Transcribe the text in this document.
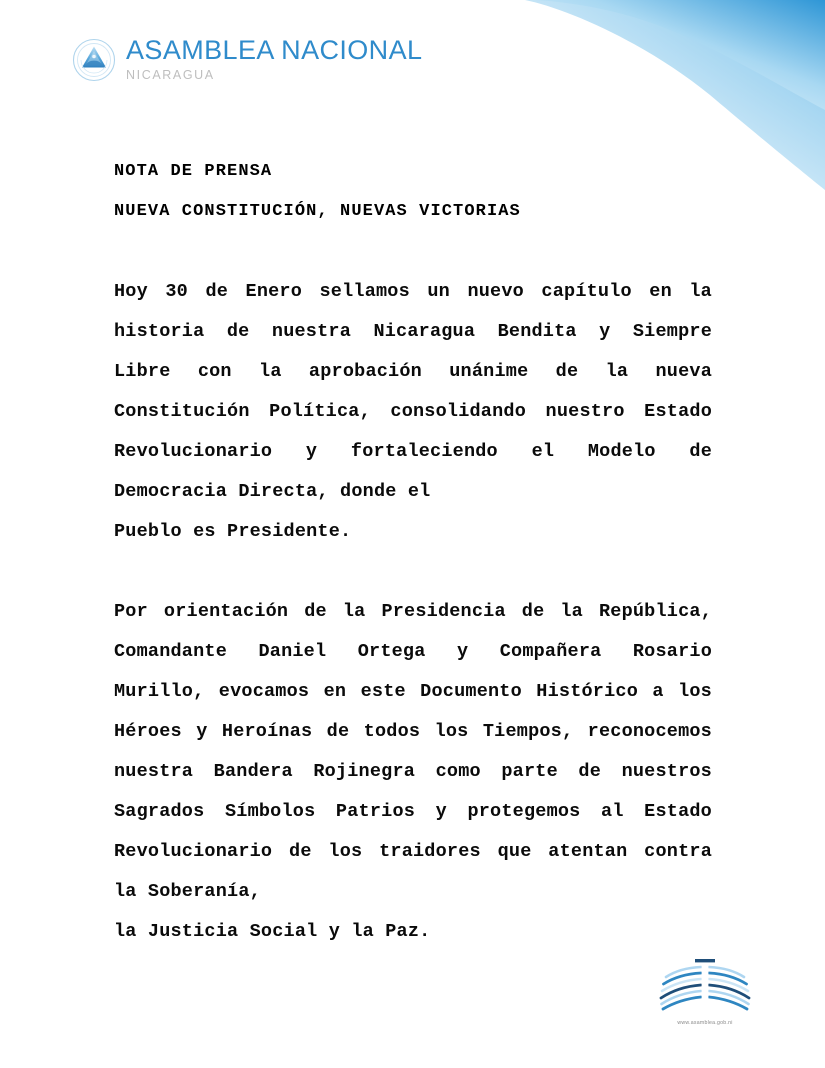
ASAMBLEA NACIONAL
NICARAGUA
NOTA DE PRENSA
NUEVA CONSTITUCIÓN, NUEVAS VICTORIAS

Hoy 30 de Enero sellamos un nuevo capítulo en la historia de nuestra Nicaragua Bendita y Siempre Libre con la aprobación unánime de la nueva Constitución Política, consolidando nuestro Estado Revolucionario y fortaleciendo el Modelo de Democracia Directa, donde el
Pueblo es Presidente.

Por orientación de la Presidencia de la República, Comandante Daniel Ortega y Compañera Rosario Murillo, evocamos en este Documento Histórico a los Héroes y Heroínas de todos los Tiempos, reconocemos nuestra Bandera Rojinegra como parte de nuestros Sagrados Símbolos Patrios y protegemos al Estado Revolucionario de los traidores que atentan contra la Soberanía,
la Justicia Social y la Paz.

www.asamblea.gob.ni
